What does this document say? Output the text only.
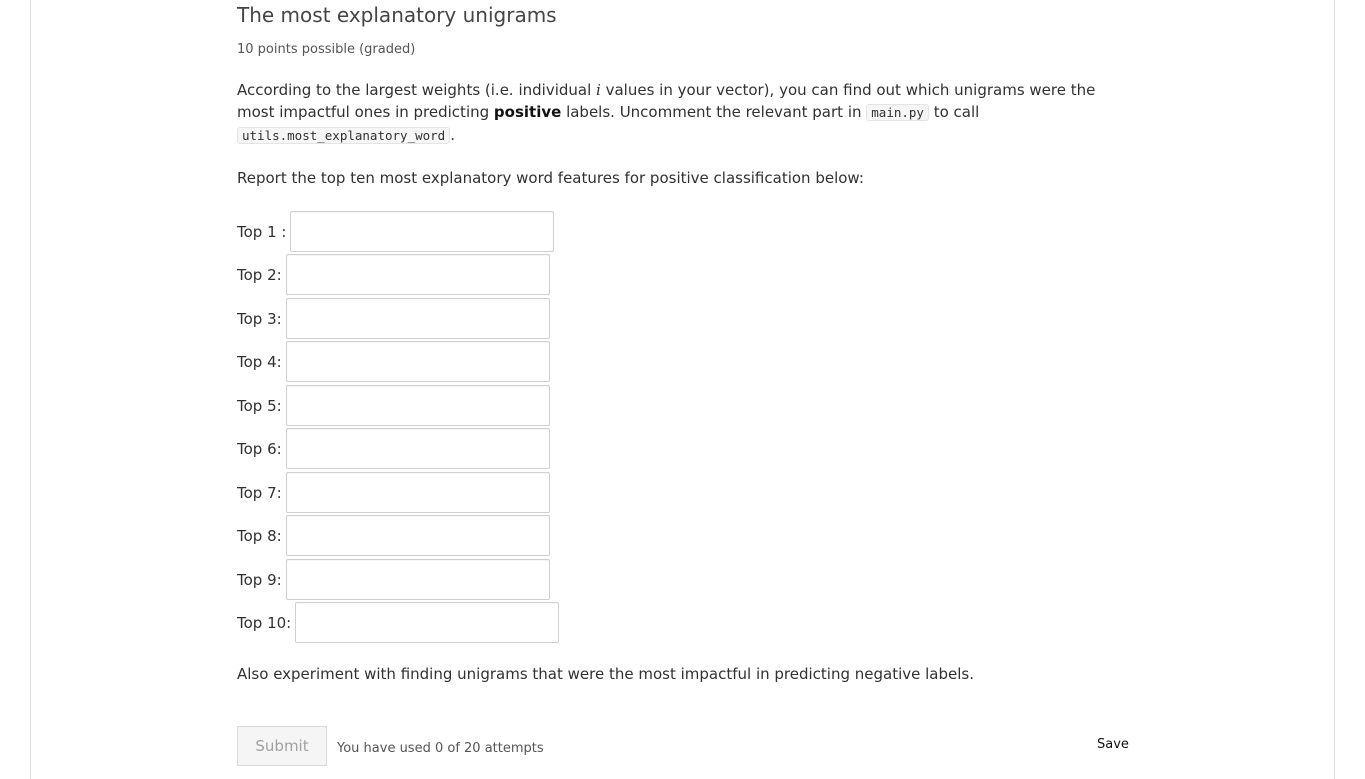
The most explanatory unigrams
10 points possible (graded)
According to the largest weights (i.e. individual i values in your vector), you can find out which unigrams were the most impactful ones in predicting positive labels. Uncomment the relevant part in main.py to call
utils.most_explanatory_word .
Report the top ten most explanatory word features for positive classification below:
Top 1 :
Top 2:
Top 3:
Top 4:
Top 5:
Top 6:
Top 7:
Top 8:
Top 9:
Top 10:
Also experiment with finding unigrams that were the most impactful in predicting negative labels.
Submit	You have used 0 of 20 attempts	Save
